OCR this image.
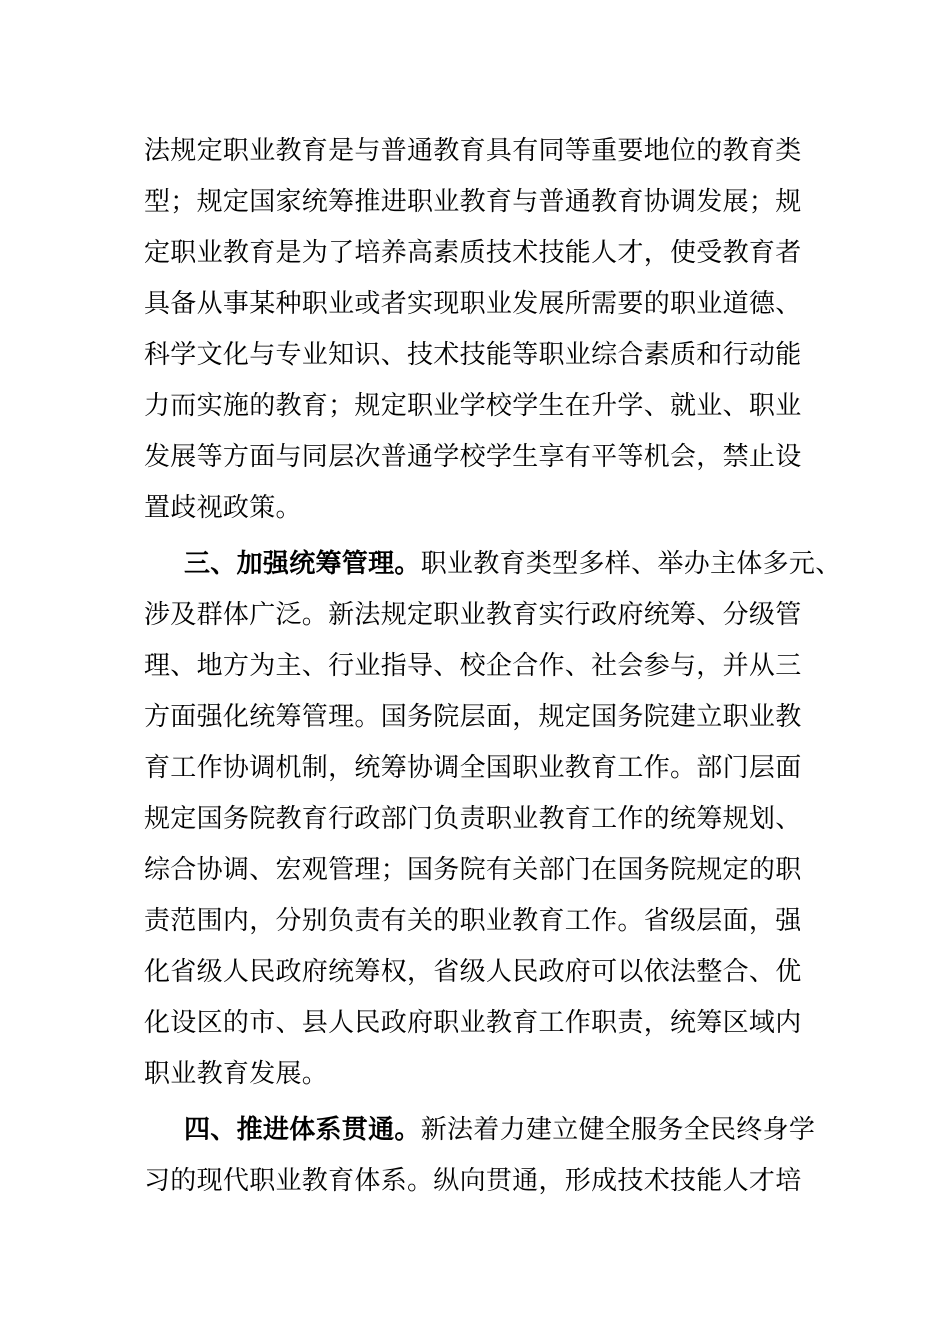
法规定职业教育是与普通教育具有同等重要地位的教育类
型；规定国家统筹推进职业教育与普通教育协调发展；规
定职业教育是为了培养高素质技术技能人才，使受教育者
具备从事某种职业或者实现职业发展所需要的职业道德、
科学文化与专业知识、技术技能等职业综合素质和行动能
力而实施的教育；规定职业学校学生在升学、就业、职业
发展等方面与同层次普通学校学生享有平等机会，禁止设
置歧视政策。
三、加强统筹管理。职业教育类型多样、举办主体多元、
涉及群体广泛。新法规定职业教育实行政府统筹、分级管
理、地方为主、行业指导、校企合作、社会参与，并从三
方面强化统筹管理。国务院层面，规定国务院建立职业教
育工作协调机制，统筹协调全国职业教育工作。部门层面
规定国务院教育行政部门负责职业教育工作的统筹规划、
综合协调、宏观管理；国务院有关部门在国务院规定的职
责范围内，分别负责有关的职业教育工作。省级层面，强
化省级人民政府统筹权，省级人民政府可以依法整合、优
化设区的市、县人民政府职业教育工作职责，统筹区域内
职业教育发展。
四、推进体系贯通。新法着力建立健全服务全民终身学
习的现代职业教育体系。纵向贯通，形成技术技能人才培
